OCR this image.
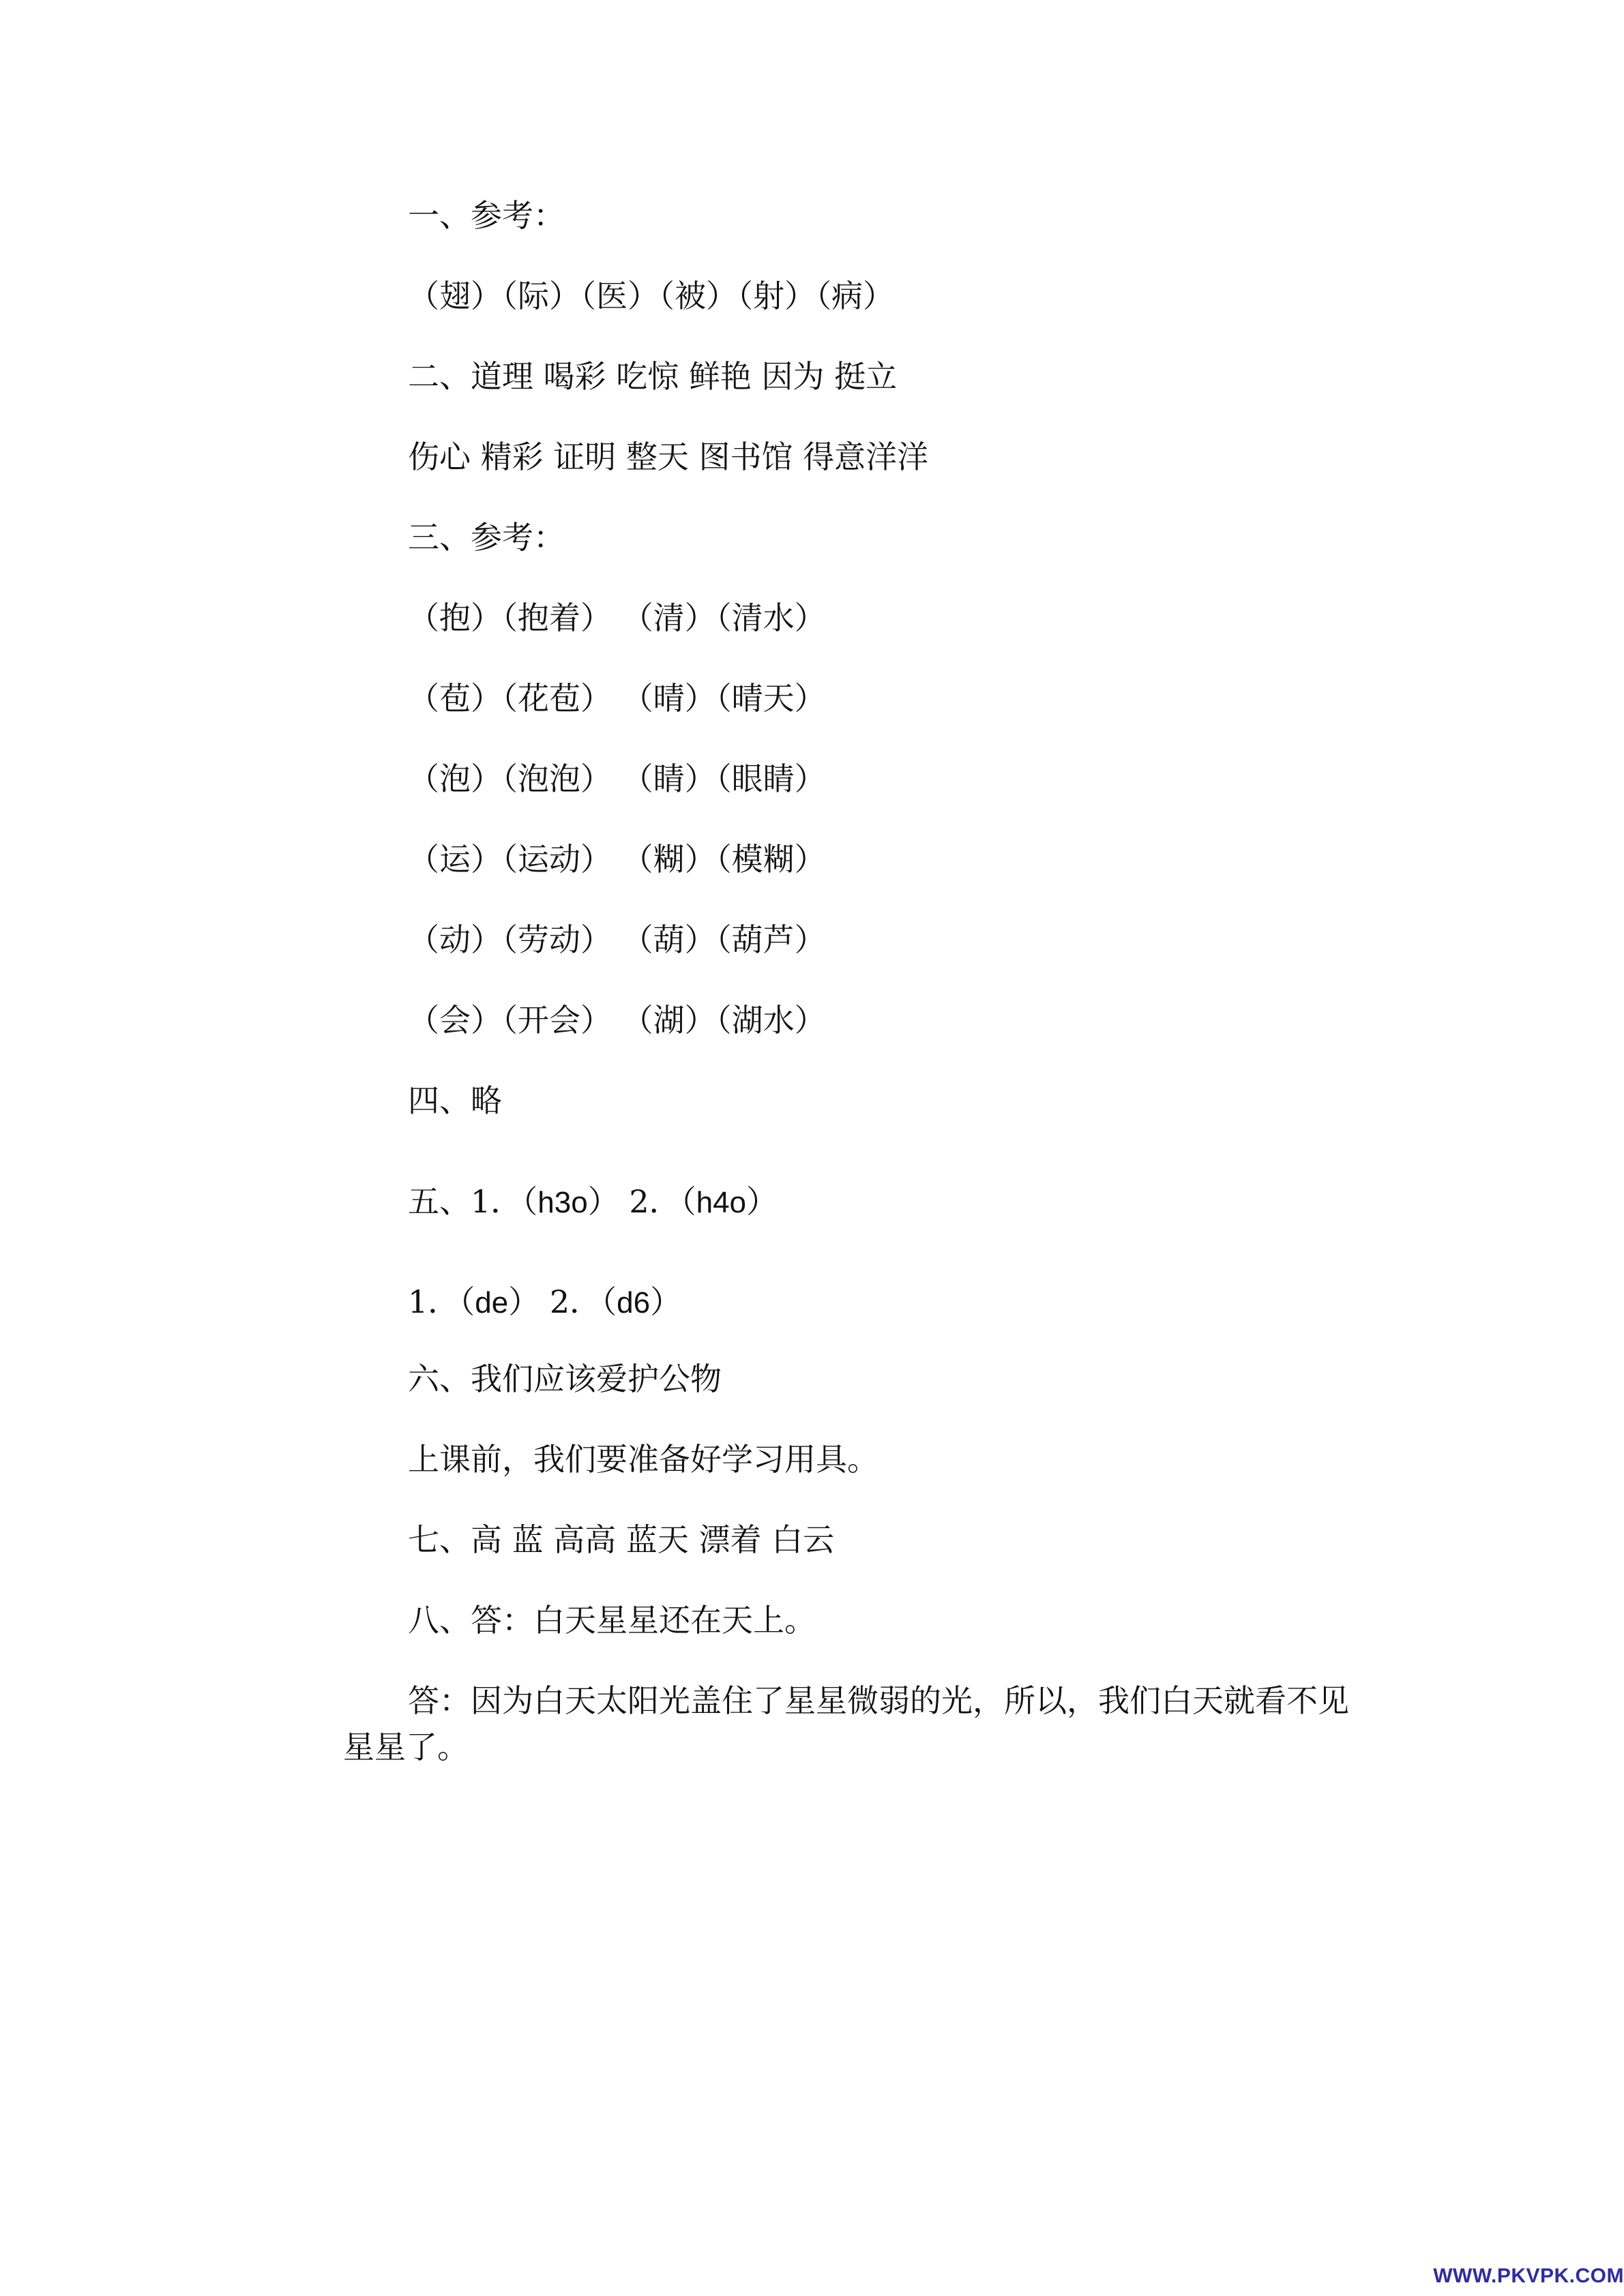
一、参考：
（翅）（际）（医）（被）（射）（病）
二、道理 喝彩 吃惊 鲜艳 因为 挺立
伤心 精彩 证明 整天 图书馆 得意洋洋
三、参考：
（抱）（抱着） （清）（清水）
（苞）（花苞） （晴）（晴天）
（泡）（泡泡） （睛）（眼睛）
（运）（运动） （糊）（模糊）
（动）（劳动） （葫）（葫芦）
（会）（开会） （湖）（湖水）
四、略
五、1．（h3o） 2．（h4o）
1．（de） 2．（d6）
六、我们应该爱护公物
上课前，我们要准备好学习用具。
七、高 蓝 高高 蓝天 漂着 白云
八、答：白天星星还在天上。

答：因为白天太阳光盖住了星星微弱的光，所以，我们白天就看不见星星了。

WWW.PKVPK.COM
